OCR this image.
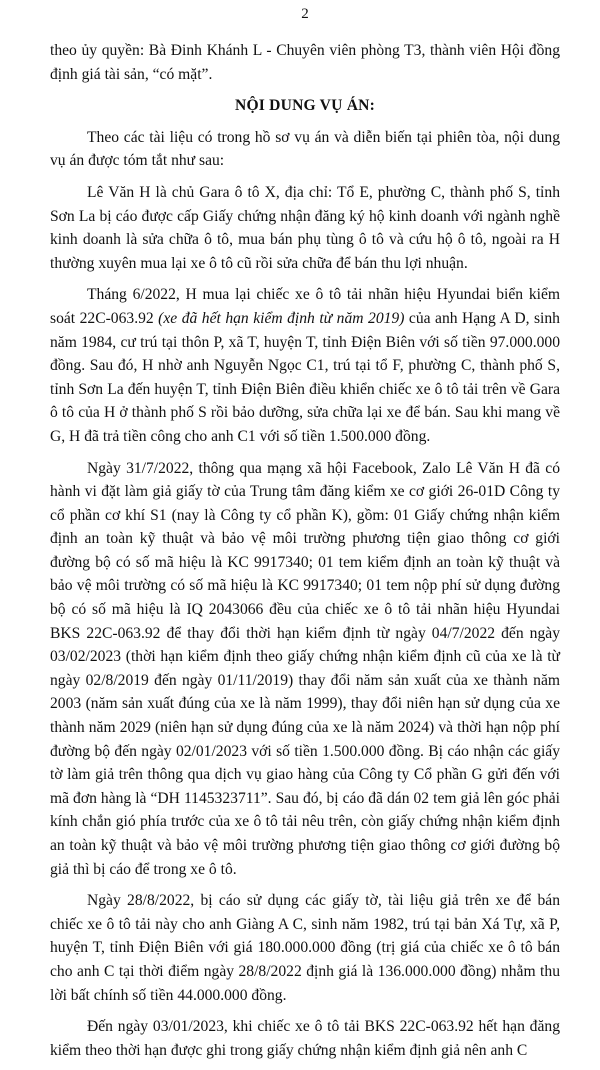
2

theo ủy quyền: Bà Đinh Khánh L - Chuyên viên phòng T3, thành viên Hội đồng định giá tài sản, “có mặt”.

NỘI DUNG VỤ ÁN:

Theo các tài liệu có trong hồ sơ vụ án và diễn biến tại phiên tòa, nội dung vụ án được tóm tắt như sau:

Lê Văn H là chủ Gara ô tô X, địa chỉ: Tổ E, phường C, thành phố S, tỉnh Sơn La bị cáo được cấp Giấy chứng nhận đăng ký hộ kinh doanh với ngành nghề kinh doanh là sửa chữa ô tô, mua bán phụ tùng ô tô và cứu hộ ô tô, ngoài ra H thường xuyên mua lại xe ô tô cũ rồi sửa chữa để bán thu lợi nhuận.

Tháng 6/2022, H mua lại chiếc xe ô tô tải nhãn hiệu Hyundai biển kiểm soát 22C-063.92 (xe đã hết hạn kiểm định từ năm 2019) của anh Hạng A D, sinh năm 1984, cư trú tại thôn P, xã T, huyện T, tỉnh Điện Biên với số tiền 97.000.000 đồng. Sau đó, H nhờ anh Nguyễn Ngọc C1, trú tại tổ F, phường C, thành phố S, tỉnh Sơn La đến huyện T, tỉnh Điện Biên điều khiển chiếc xe ô tô tải trên về Gara ô tô của H ở thành phố S rồi bảo dưỡng, sửa chữa lại xe để bán. Sau khi mang về G, H đã trả tiền công cho anh C1 với số tiền 1.500.000 đồng.

Ngày 31/7/2022, thông qua mạng xã hội Facebook, Zalo Lê Văn H đã có hành vi đặt làm giả giấy tờ của Trung tâm đăng kiểm xe cơ giới 26-01D Công ty cổ phần cơ khí S1 (nay là Công ty cổ phần K), gồm: 01 Giấy chứng nhận kiểm định an toàn kỹ thuật và bảo vệ môi trường phương tiện giao thông cơ giới đường bộ có số mã hiệu là KC 9917340; 01 tem kiểm định an toàn kỹ thuật và bảo vệ môi trường có số mã hiệu là KC 9917340; 01 tem nộp phí sử dụng đường bộ có số mã hiệu là IQ 2043066 đều của chiếc xe ô tô tải nhãn hiệu Hyundai BKS 22C-063.92 để thay đổi thời hạn kiểm định từ ngày 04/7/2022 đến ngày 03/02/2023 (thời hạn kiểm định theo giấy chứng nhận kiểm định cũ của xe là từ ngày 02/8/2019 đến ngày 01/11/2019) thay đổi năm sản xuất của xe thành năm 2003 (năm sản xuất đúng của xe là năm 1999), thay đổi niên hạn sử dụng của xe thành năm 2029 (niên hạn sử dụng đúng của xe là năm 2024) và thời hạn nộp phí đường bộ đến ngày 02/01/2023 với số tiền 1.500.000 đồng. Bị cáo nhận các giấy tờ làm giả trên thông qua dịch vụ giao hàng của Công ty Cổ phần G gửi đến với mã đơn hàng là “DH 1145323711”. Sau đó, bị cáo đã dán 02 tem giả lên góc phải kính chắn gió phía trước của xe ô tô tải nêu trên, còn giấy chứng nhận kiểm định an toàn kỹ thuật và bảo vệ môi trường phương tiện giao thông cơ giới đường bộ giả thì bị cáo để trong xe ô tô.

Ngày 28/8/2022, bị cáo sử dụng các giấy tờ, tài liệu giả trên xe để bán chiếc xe ô tô tải này cho anh Giàng A C, sinh năm 1982, trú tại bản Xá Tự, xã P, huyện T, tỉnh Điện Biên với giá 180.000.000 đồng (trị giá của chiếc xe ô tô bán cho anh C tại thời điểm ngày 28/8/2022 định giá là 136.000.000 đồng) nhằm thu lời bất chính số tiền 44.000.000 đồng.

Đến ngày 03/01/2023, khi chiếc xe ô tô tải BKS 22C-063.92 hết hạn đăng kiểm theo thời hạn được ghi trong giấy chứng nhận kiểm định giả nên anh C
